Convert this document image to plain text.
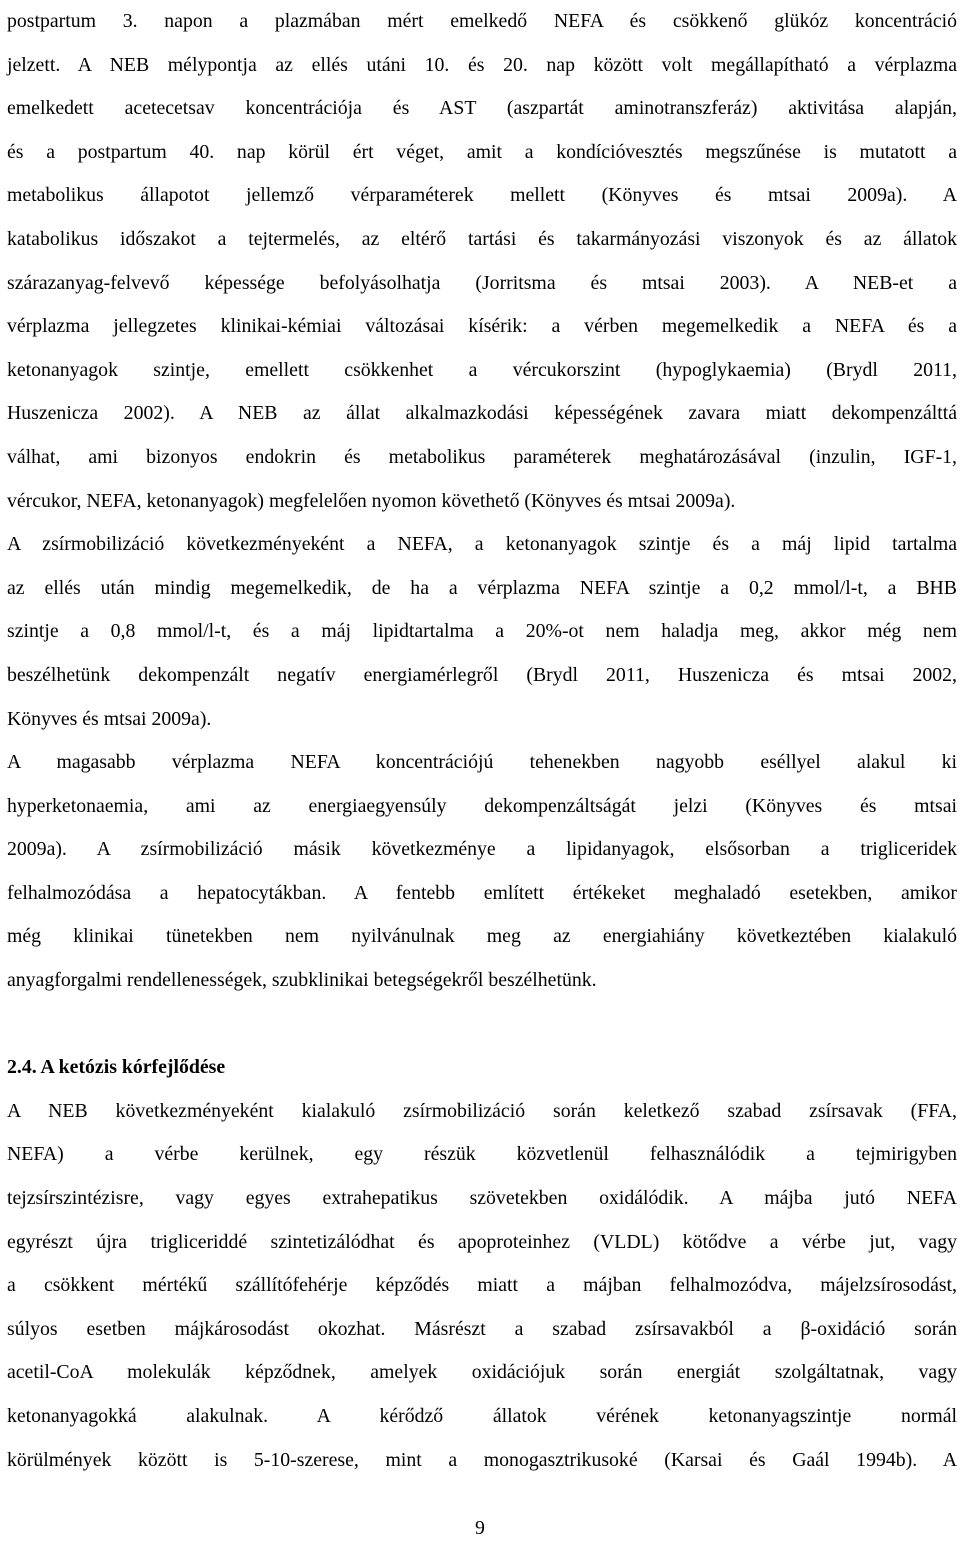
postpartum 3. napon a plazmában mért emelkedő NEFA és csökkenő glükóz koncentráció
jelzett. A NEB mélypontja az ellés utáni 10. és 20. nap között volt megállapítható a vérplazma
emelkedett acetecetsav koncentrációja és AST (aszpartát aminotranszferáz) aktivitása alapján,
és a postpartum 40. nap körül ért véget, amit a kondícióvesztés megszűnése is mutatott a
metabolikus állapotot jellemző vérparaméterek mellett (Könyves és mtsai 2009a). A
katabolikus időszakot a tejtermelés, az eltérő tartási és takarmányozási viszonyok és az állatok
szárazanyag-felvevő képessége befolyásolhatja (Jorritsma és mtsai 2003). A NEB-et a
vérplazma jellegzetes klinikai-kémiai változásai kísérik: a vérben megemelkedik a NEFA és a
ketonanyagok szintje, emellett csökkenhet a vércukorszint (hypoglykaemia) (Brydl 2011,
Huszenicza 2002). A NEB az állat alkalmazkodási képességének zavara miatt dekompenzálttá
válhat, ami bizonyos endokrin és metabolikus paraméterek meghatározásával (inzulin, IGF-1,
vércukor, NEFA, ketonanyagok) megfelelően nyomon követhető (Könyves és mtsai 2009a).
A zsírmobilizáció következményeként a NEFA, a ketonanyagok szintje és a máj lipid tartalma
az ellés után mindig megemelkedik, de ha a vérplazma NEFA szintje a 0,2 mmol/l-t, a BHB
szintje a 0,8 mmol/l-t, és a máj lipidtartalma a 20%-ot nem haladja meg, akkor még nem
beszélhetünk dekompenzált negatív energiamérlegről (Brydl 2011, Huszenicza és mtsai 2002,
Könyves és mtsai 2009a).
A magasabb vérplazma NEFA koncentrációjú tehenekben nagyobb eséllyel alakul ki
hyperketonaemia, ami az energiaegyensúly dekompenzáltságát jelzi (Könyves és mtsai
2009a). A zsírmobilizáció másik következménye a lipidanyagok, elsősorban a trigliceridek
felhalmozódása a hepatocytákban. A fentebb említett értékeket meghaladó esetekben, amikor
még klinikai tünetekben nem nyilvánulnak meg az energiahiány következtében kialakuló
anyagforgalmi rendellenességek, szubklinikai betegségekről beszélhetünk.
2.4. A ketózis kórfejlődése
A NEB következményeként kialakuló zsírmobilizáció során keletkező szabad zsírsavak (FFA,
NEFA) a vérbe kerülnek, egy részük közvetlenül felhasználódik a tejmirigyben
tejzsírszintézisre, vagy egyes extrahepatikus szövetekben oxidálódik. A májba jutó NEFA
egyrészt újra trigliceriddé szintetizálódhat és apoproteinhez (VLDL) kötődve a vérbe jut, vagy
a csökkent mértékű szállítófehérje képződés miatt a májban felhalmozódva, májelzsírosodást,
súlyos esetben májkárosodást okozhat. Másrészt a szabad zsírsavakból a β-oxidáció során
acetil-CoA molekulák képződnek, amelyek oxidációjuk során energiát szolgáltatnak, vagy
ketonanyagokká alakulnak. A kérődző állatok vérének ketonanyagszintje normál
körülmények között is 5-10-szerese, mint a monogasztrikusoké (Karsai és Gaál 1994b). A
9
